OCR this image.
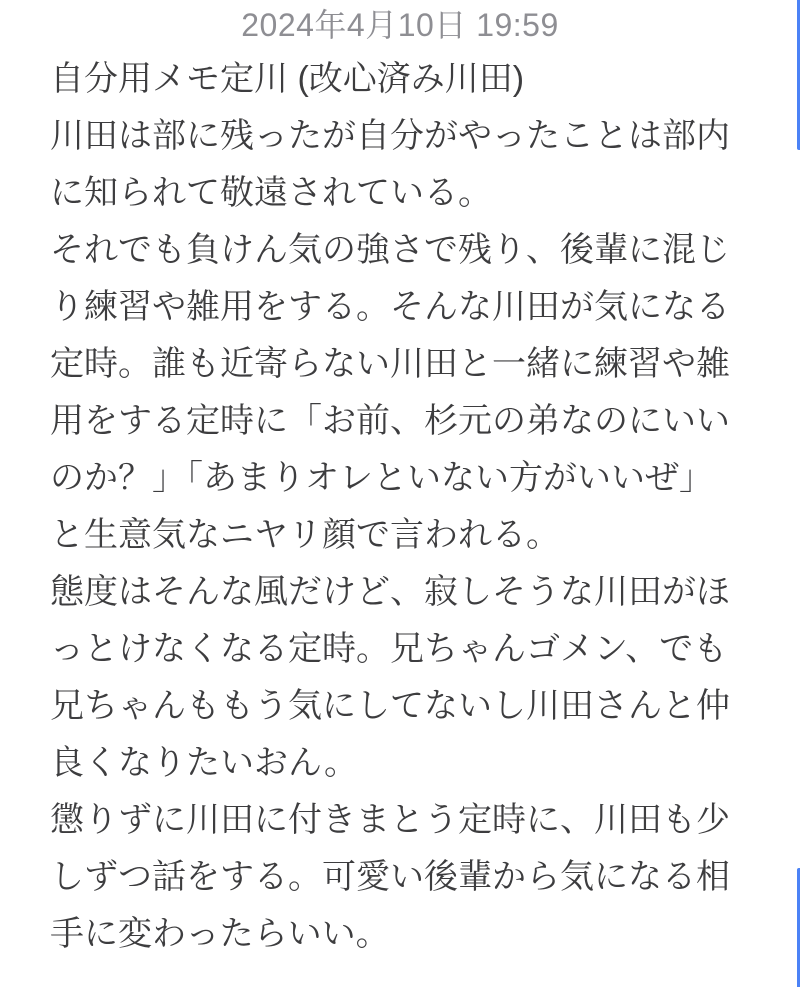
2024年4月10日 19:59
自分用メモ定川 (改心済み川田)

川田は部に残ったが自分がやったことは部内に知られて敬遠されている。

それでも負けん気の強さで残り、後輩に混じり練習や雑用をする。そんな川田が気になる定時。誰も近寄らない川田と一緒に練習や雑用をする定時に「お前、杉元の弟なのにいいのか？」「あまりオレといない方がいいぜ」と生意気なニヤリ顔で言われる。

態度はそんな風だけど、寂しそうな川田がほっとけなくなる定時。兄ちゃんゴメン、でも兄ちゃんももう気にしてないし川田さんと仲良くなりたいおん。

懲りずに川田に付きまとう定時に、川田も少しずつ話をする。可愛い後輩から気になる相手に変わったらいい。
